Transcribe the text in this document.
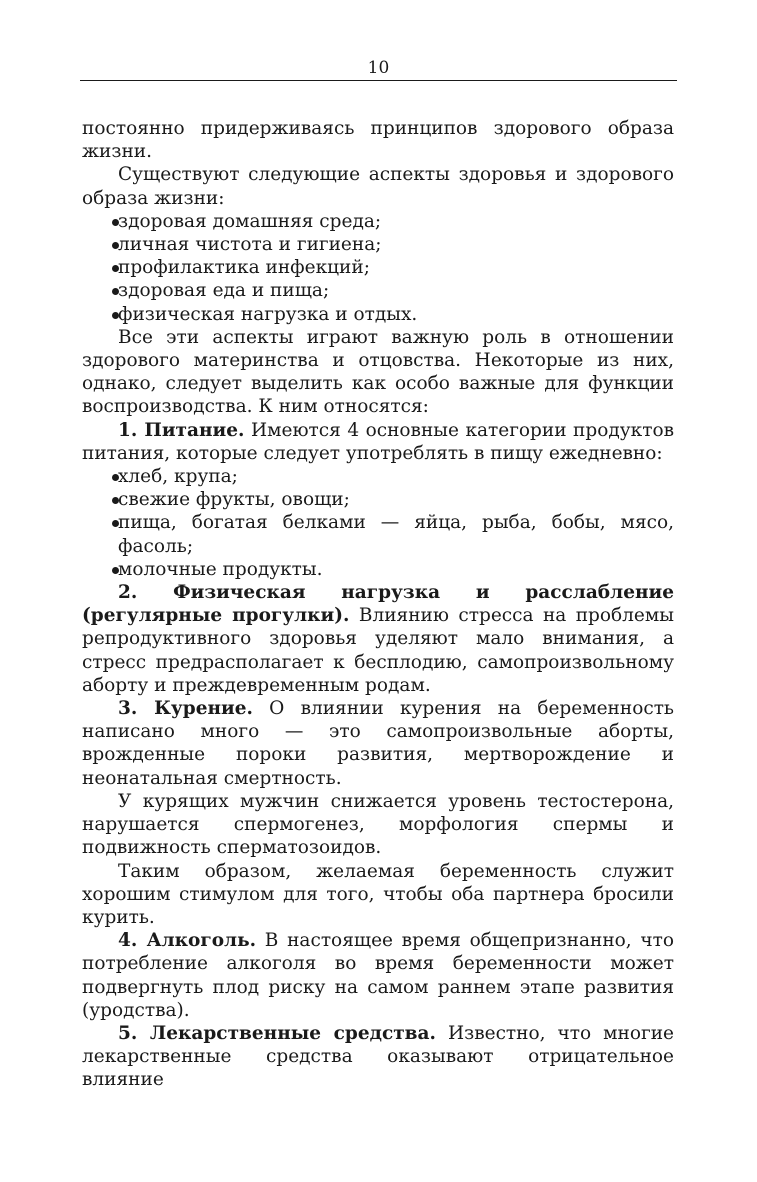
10

постоянно придерживаясь принципов здорового образа жизни.

Существуют следующие аспекты здоровья и здорового образа жизни:

здоровая домашняя среда;
личная чистота и гигиена;
профилактика инфекций;
здоровая еда и пища;
физическая нагрузка и отдых.

Все эти аспекты играют важную роль в отношении здорового материнства и отцовства. Некоторые из них, однако, следует выделить как особо важные для функции воспроизводства. К ним относятся:

1. Питание. Имеются 4 основные категории продуктов питания, которые следует употреблять в пищу ежедневно:

хлеб, крупа;
свежие фрукты, овощи;
пища, богатая белками — яйца, рыба, бобы, мясо, фасоль;
молочные продукты.

2. Физическая нагрузка и расслабление (регулярные прогулки). Влиянию стресса на проблемы репродуктивного здоровья уделяют мало внимания, а стресс предрасполагает к бесплодию, самопроизвольному аборту и преждевременным родам.

3. Курение. О влиянии курения на беременность написано много — это самопроизвольные аборты, врожденные пороки развития, мертворождение и неонатальная смертность.

У курящих мужчин снижается уровень тестостерона, нарушается спермогенез, морфология спермы и подвижность сперматозоидов.

Таким образом, желаемая беременность служит хорошим стимулом для того, чтобы оба партнера бросили курить.

4. Алкоголь. В настоящее время общепризнанно, что потребление алкоголя во время беременности может подвергнуть плод риску на самом раннем этапе развития (уродства).

5. Лекарственные средства. Известно, что многие лекарственные средства оказывают отрицательное влияние
